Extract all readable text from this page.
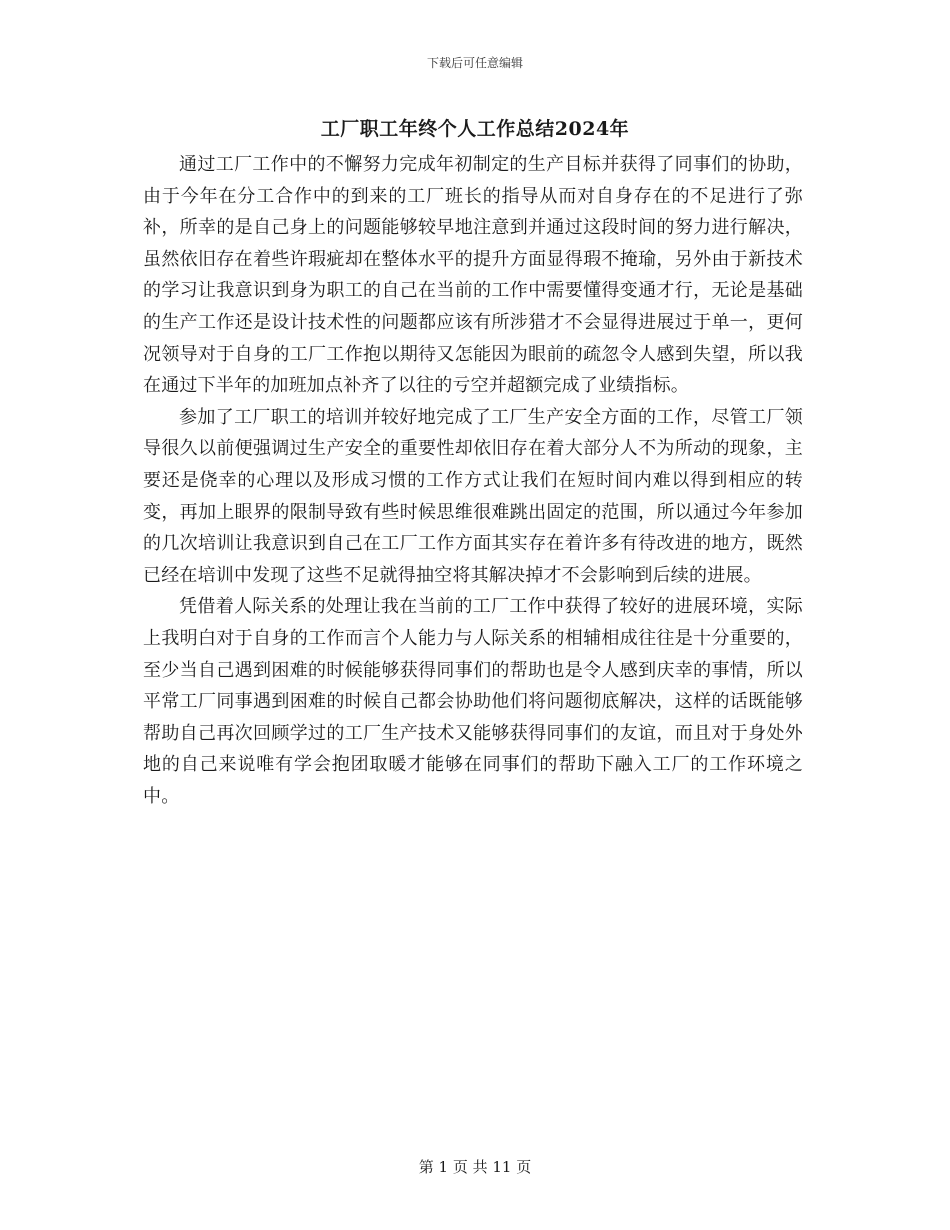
下载后可任意编辑
工厂职工年终个人工作总结2024年

通过工厂工作中的不懈努力完成年初制定的生产目标并获得了同事们的协助，由于今年在分工合作中的到来的工厂班长的指导从而对自身存在的不足进行了弥补，所幸的是自己身上的问题能够较早地注意到并通过这段时间的努力进行解决，虽然依旧存在着些许瑕疵却在整体水平的提升方面显得瑕不掩瑜，另外由于新技术的学习让我意识到身为职工的自己在当前的工作中需要懂得变通才行，无论是基础的生产工作还是设计技术性的问题都应该有所涉猎才不会显得进展过于单一，更何况领导对于自身的工厂工作抱以期待又怎能因为眼前的疏忽令人感到失望，所以我在通过下半年的加班加点补齐了以往的亏空并超额完成了业绩指标。

参加了工厂职工的培训并较好地完成了工厂生产安全方面的工作，尽管工厂领导很久以前便强调过生产安全的重要性却依旧存在着大部分人不为所动的现象，主要还是侥幸的心理以及形成习惯的工作方式让我们在短时间内难以得到相应的转变，再加上眼界的限制导致有些时候思维很难跳出固定的范围，所以通过今年参加的几次培训让我意识到自己在工厂工作方面其实存在着许多有待改进的地方，既然已经在培训中发现了这些不足就得抽空将其解决掉才不会影响到后续的进展。

凭借着人际关系的处理让我在当前的工厂工作中获得了较好的进展环境，实际上我明白对于自身的工作而言个人能力与人际关系的相辅相成往往是十分重要的，至少当自己遇到困难的时候能够获得同事们的帮助也是令人感到庆幸的事情，所以平常工厂同事遇到困难的时候自己都会协助他们将问题彻底解决，这样的话既能够帮助自己再次回顾学过的工厂生产技术又能够获得同事们的友谊，而且对于身处外地的自己来说唯有学会抱团取暖才能够在同事们的帮助下融入工厂的工作环境之中。

第 1 页 共 11 页
